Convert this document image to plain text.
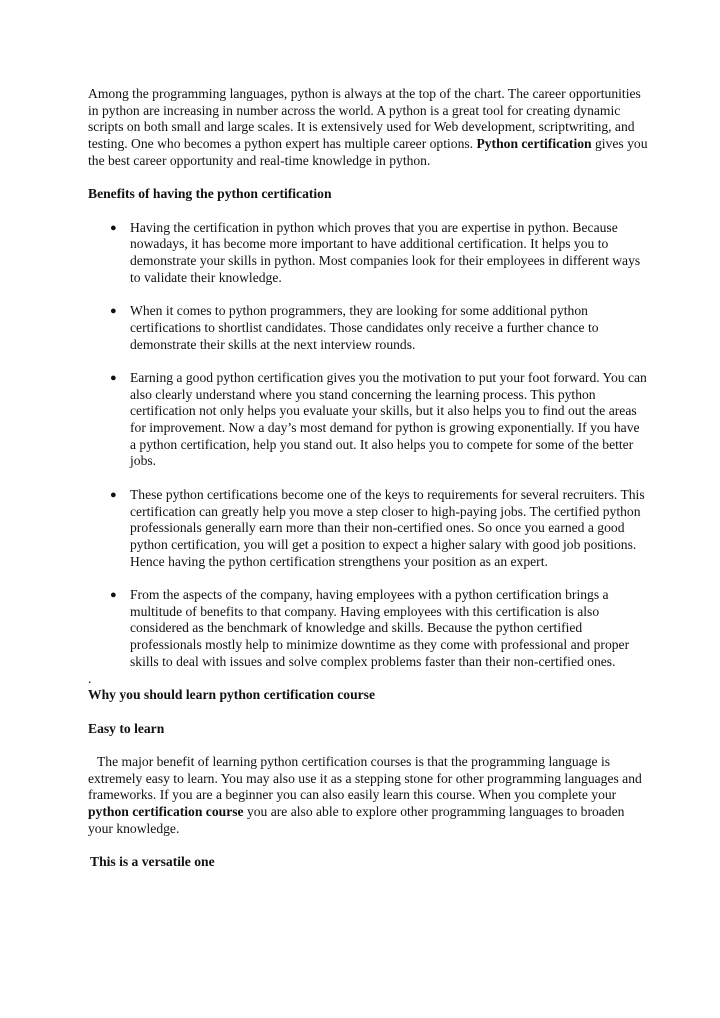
Among the programming languages, python is always at the top of the chart. The career opportunities in python are increasing in number across the world. A python is a great tool for creating dynamic scripts on both small and large scales. It is extensively used for Web development, scriptwriting, and testing. One who becomes a python expert has multiple career options. Python certification gives you the best career opportunity and real-time knowledge in python.

Benefits of having the python certification

● Having the certification in python which proves that you are expertise in python. Because nowadays, it has become more important to have additional certification. It helps you to demonstrate your skills in python. Most companies look for their employees in different ways to validate their knowledge.
● When it comes to python programmers, they are looking for some additional python certifications to shortlist candidates. Those candidates only receive a further chance to demonstrate their skills at the next interview rounds.
● Earning a good python certification gives you the motivation to put your foot forward. You can also clearly understand where you stand concerning the learning process. This python certification not only helps you evaluate your skills, but it also helps you to find out the areas for improvement. Now a day’s most demand for python is growing exponentially. If you have a python certification, help you stand out. It also helps you to compete for some of the better jobs.
● These python certifications become one of the keys to requirements for several recruiters. This certification can greatly help you move a step closer to high-paying jobs. The certified python professionals generally earn more than their non-certified ones. So once you earned a good python certification, you will get a position to expect a higher salary with good job positions. Hence having the python certification strengthens your position as an expert.
● From the aspects of the company, having employees with a python certification brings a multitude of benefits to that company. Having employees with this certification is also considered as the benchmark of knowledge and skills. Because the python certified professionals mostly help to minimize downtime as they come with professional and proper skills to deal with issues and solve complex problems faster than their non-certified ones.

.

Why you should learn python certification course

Easy to learn

The major benefit of learning python certification courses is that the programming language is extremely easy to learn. You may also use it as a stepping stone for other programming languages and frameworks. If you are a beginner you can also easily learn this course. When you complete your python certification course you are also able to explore other programming languages to broaden your knowledge.

This is a versatile one
